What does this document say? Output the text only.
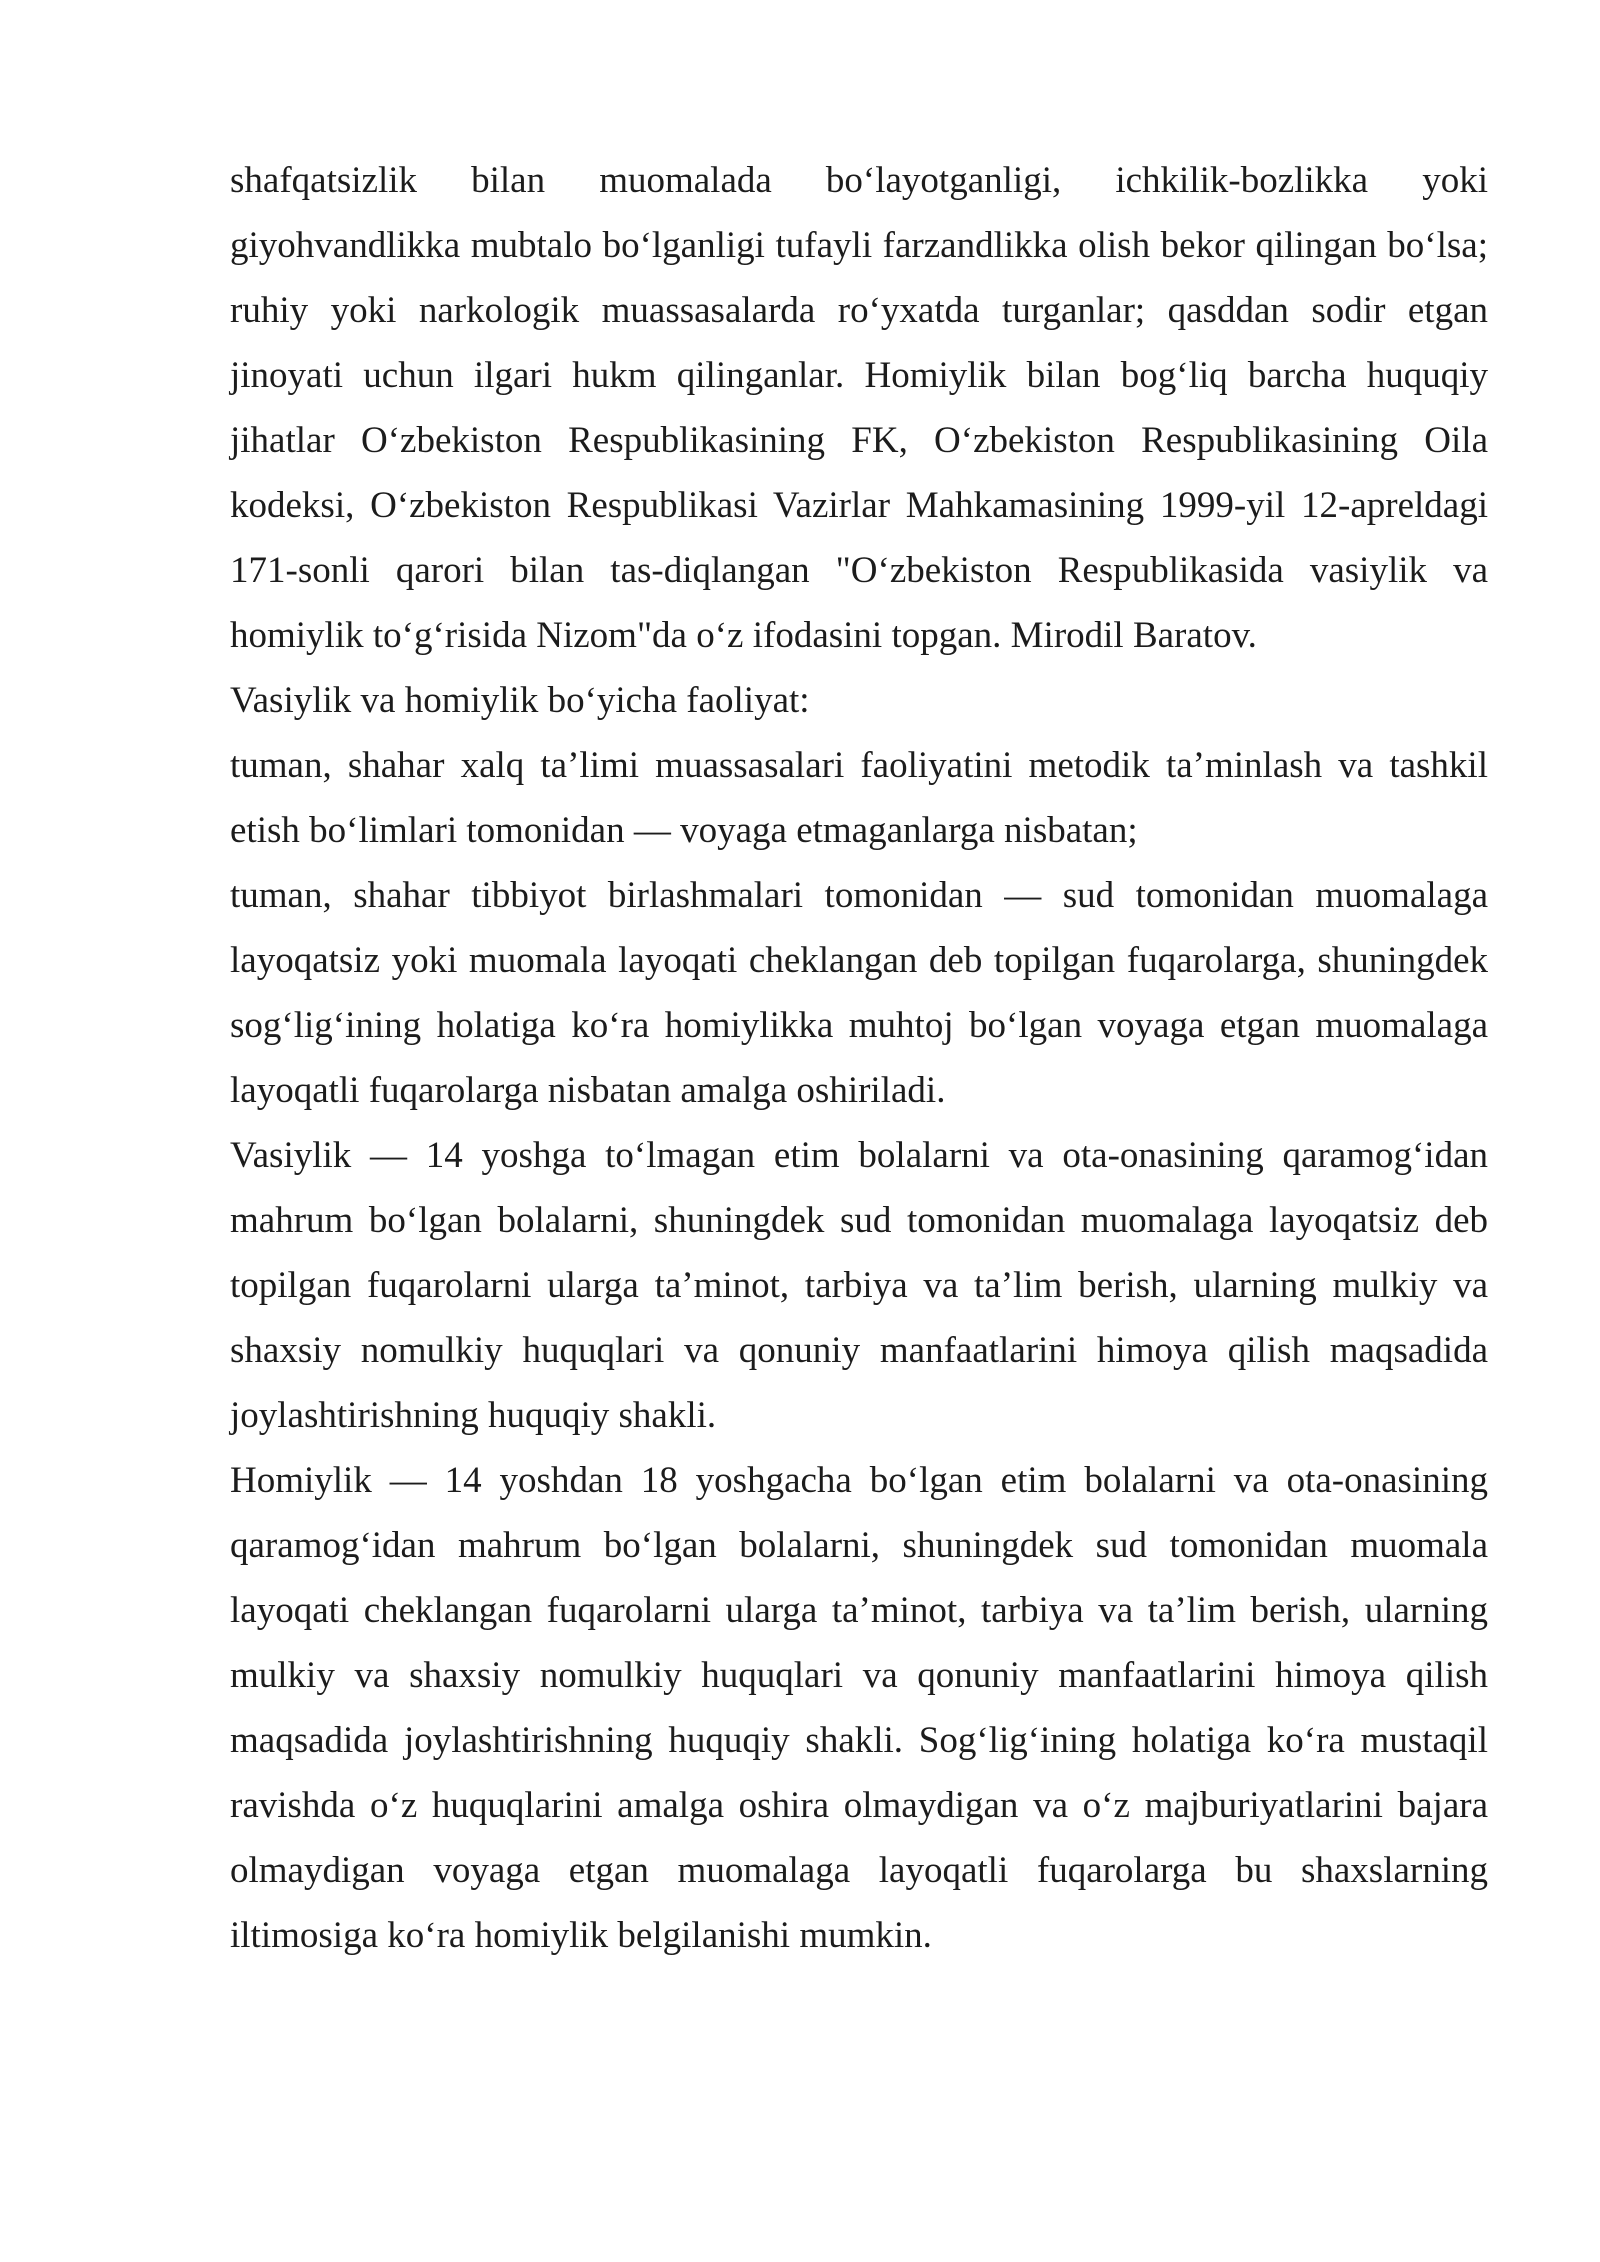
shafqatsizlik bilan muomalada bo‘layotganligi, ichkilik-bozlikka yoki giyohvandlikka mubtalo bo‘lganligi tufayli farzandlikka olish bekor qilingan bo‘lsa; ruhiy yoki narkologik muassasalarda ro‘yxatda turganlar; qasddan sodir etgan jinoyati uchun ilgari hukm qilinganlar. Homiylik bilan bog‘liq barcha huquqiy jihatlar O‘zbekiston Respublikasining FK, O‘zbekiston Respublikasining Oila kodeksi, O‘zbekiston Respublikasi Vazirlar Mahkamasining 1999-yil 12-apreldagi 171-sonli qarori bilan tas-diqlangan "O‘zbekiston Respublikasida vasiylik va homiylik to‘g‘risida Nizom"da o‘z ifodasini topgan. Mirodil Baratov.

Vasiylik va homiylik bo‘yicha faoliyat:

tuman, shahar xalq ta’limi muassasalari faoliyatini metodik ta’minlash va tashkil etish bo‘limlari tomonidan — voyaga etmaganlarga nisbatan;

tuman, shahar tibbiyot birlashmalari tomonidan — sud tomonidan muomalaga layoqatsiz yoki muomala layoqati cheklangan deb topilgan fuqarolarga, shuningdek sog‘lig‘ining holatiga ko‘ra homiylikka muhtoj bo‘lgan voyaga etgan muomalaga layoqatli fuqarolarga nisbatan amalga oshiriladi.

Vasiylik — 14 yoshga to‘lmagan etim bolalarni va ota-onasining qaramog‘idan mahrum bo‘lgan bolalarni, shuningdek sud tomonidan muomalaga layoqatsiz deb topilgan fuqarolarni ularga ta’minot, tarbiya va ta’lim berish, ularning mulkiy va shaxsiy nomulkiy huquqlari va qonuniy manfaatlarini himoya qilish maqsadida joylashtirishning huquqiy shakli.

Homiylik — 14 yoshdan 18 yoshgacha bo‘lgan etim bolalarni va ota-onasining qaramog‘idan mahrum bo‘lgan bolalarni, shuningdek sud tomonidan muomala layoqati cheklangan fuqarolarni ularga ta’minot, tarbiya va ta’lim berish, ularning mulkiy va shaxsiy nomulkiy huquqlari va qonuniy manfaatlarini himoya qilish maqsadida joylashtirishning huquqiy shakli. Sog‘lig‘ining holatiga ko‘ra mustaqil ravishda o‘z huquqlarini amalga oshira olmaydigan va o‘z majburiyatlarini bajara olmaydigan voyaga etgan muomalaga layoqatli fuqarolarga bu shaxslarning iltimosiga ko‘ra homiylik belgilanishi mumkin.
